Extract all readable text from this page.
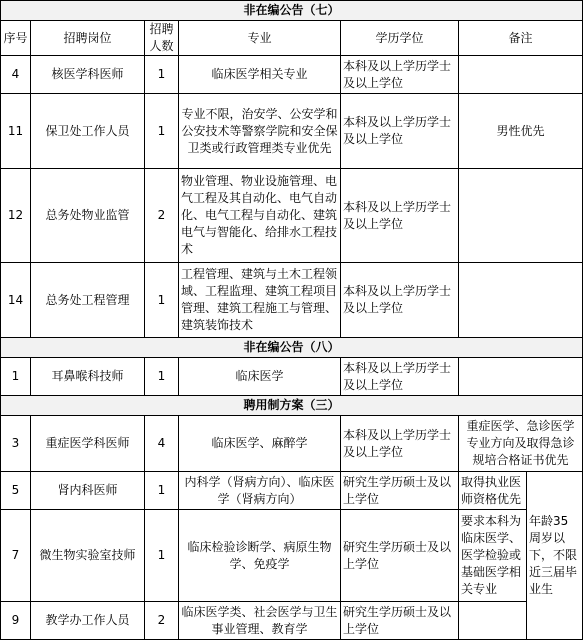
非在编公告（七）						
序号	招聘岗位	招聘人数	专业	学历学位	备注	
4	核医学科医师	1	临床医学相关专业	本科及以上学历学士及以上学位		
11	保卫处工作人员	1	专业不限，治安学、公安学和公安技术等警察学院和安全保卫类或行政管理类专业优先	本科及以上学历学士及以上学位	男性优先	
12	总务处物业监管	2	物业管理、物业设施管理、电气工程及其自动化、电气自动化、电气工程与自动化、建筑电气与智能化、给排水工程技术	本科及以上学历学士及以上学位		
14	总务处工程管理	1	工程管理、建筑与土木工程领域、工程监理、建筑工程项目管理、建筑工程施工与管理、建筑装饰技术	本科及以上学历学士及以上学位		
非在编公告（八）						
1	耳鼻喉科技师	1	临床医学	本科及以上学历学士及以上学位		
聘用制方案（三）						
3	重症医学科医师	4	临床医学、麻醉学	本科及以上学历学士及以上学位	重症医学、急诊医学专业方向及取得急诊规培合格证书优先	
5	肾内科医师	1	内科学（肾病方向）、临床医学（肾病方向）	研究生学历硕士及以上学位	取得执业医师资格优先	年龄35周岁以下，不限近三届毕业生
7	微生物实验室技师	1	临床检验诊断学、病原生物学、免疫学	研究生学历硕士及以上学位	要求本科为临床医学、医学检验或基础医学相关专业	
9	教学办工作人员	2	临床医学类、社会医学与卫生事业管理、教育学	研究生学历硕士及以上学位		
